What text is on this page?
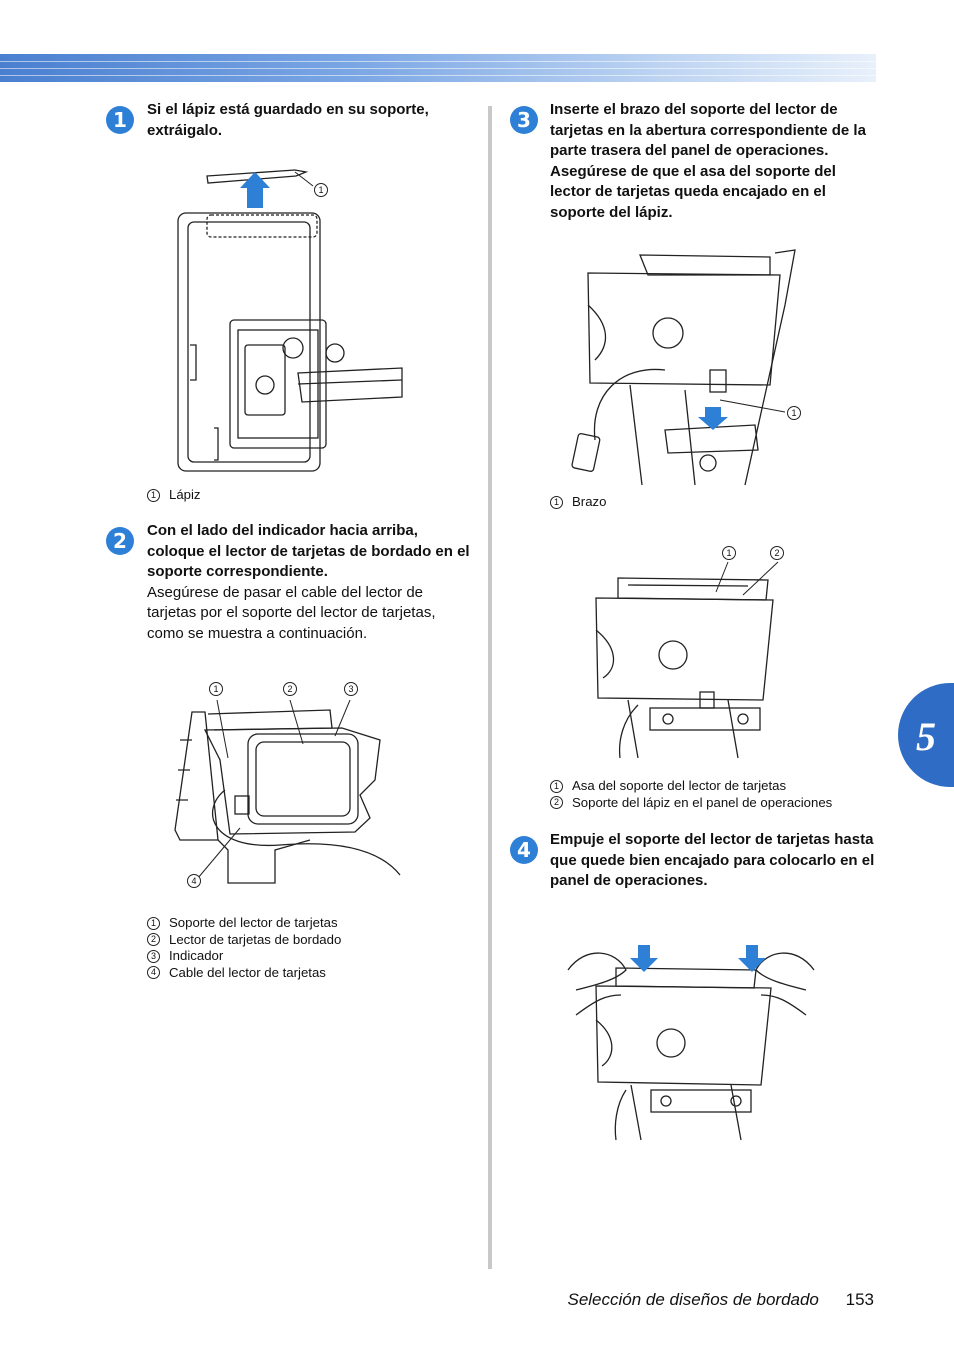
5
1	Si el lápiz está guardado en su soporte, extráigalo.
1
1 Lápiz
2	Con el lado del indicador hacia arriba, coloque el lector de tarjetas de bordado en el soporte correspondiente.
Asegúrese de pasar el cable del lector de tarjetas por el soporte del lector de tarjetas, como se muestra a continuación.
1	2	3
4
1 Soporte del lector de tarjetas
2 Lector de tarjetas de bordado
3 Indicador
4 Cable del lector de tarjetas
3	Inserte el brazo del soporte del lector de tarjetas en la abertura correspondiente de la parte trasera del panel de operaciones. Asegúrese de que el asa del soporte del lector de tarjetas queda encajado en el soporte del lápiz.
1
1 Brazo
1	2
1 Asa del soporte del lector de tarjetas
2 Soporte del lápiz en el panel de operaciones
4	Empuje el soporte del lector de tarjetas hasta que quede bien encajado para colocarlo en el panel de operaciones.
Selección de diseños de bordado 153
